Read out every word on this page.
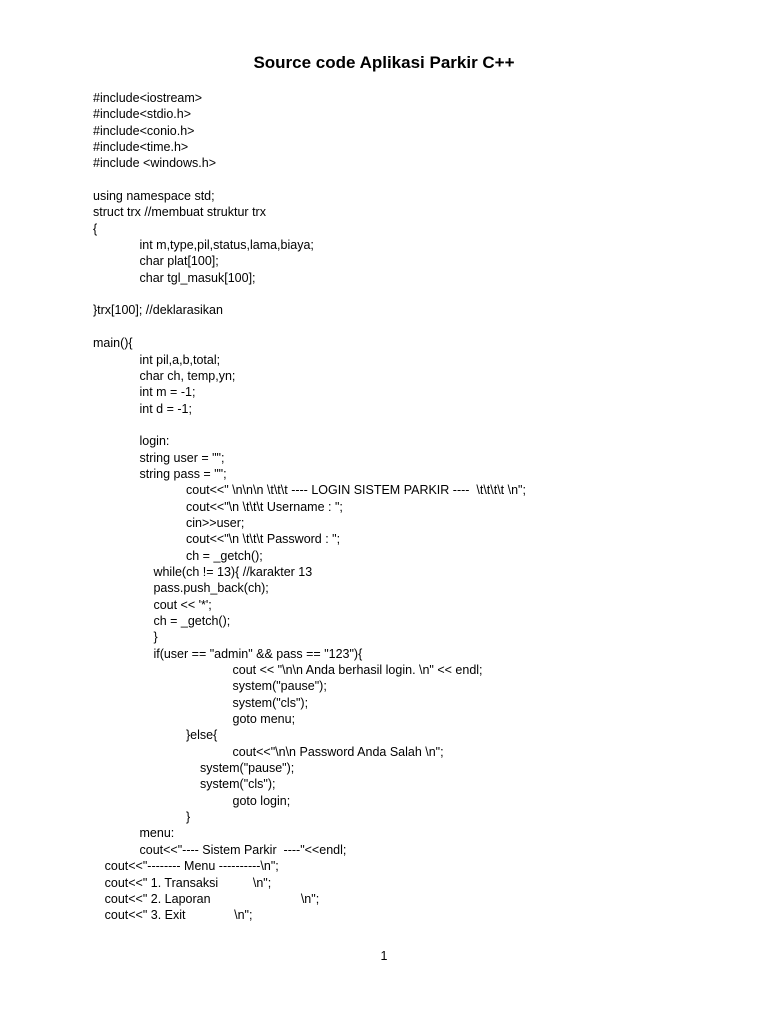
Source code Aplikasi Parkir C++
#include<iostream>
#include<stdio.h>
#include<conio.h>
#include<time.h>
#include <windows.h>
using namespace std;
struct trx //membuat struktur trx
{
int m,type,pil,status,lama,biaya;
char plat[100];
char tgl_masuk[100];
}trx[100]; //deklarasikan
main(){
int pil,a,b,total;
char ch, temp,yn;
int m = -1;
int d = -1;
login:
string user = "";
string pass = "";
cout<<" \n\n\n \t\t\t ---- LOGIN SISTEM PARKIR ----  \t\t\t\t \n";
cout<<"\n \t\t\t Username : ";
cin>>user;
cout<<"\n \t\t\t Password : ";
ch = _getch();
while(ch != 13){ //karakter 13
pass.push_back(ch);
cout << '*';
ch = _getch();
}
if(user == "admin" && pass == "123"){
cout << "\n\n Anda berhasil login. \n" << endl;
system("pause");
system("cls");
goto menu;
}else{
cout<<"\n\n Password Anda Salah \n";
system("pause");
system("cls");
goto login;
}
menu:
cout<<"---- Sistem Parkir  ----"<<endl;
cout<<"-------- Menu ----------\n";
cout<<" 1. Transaksi          \n";
cout<<" 2. Laporan                          \n";
cout<<" 3. Exit              \n";
1
